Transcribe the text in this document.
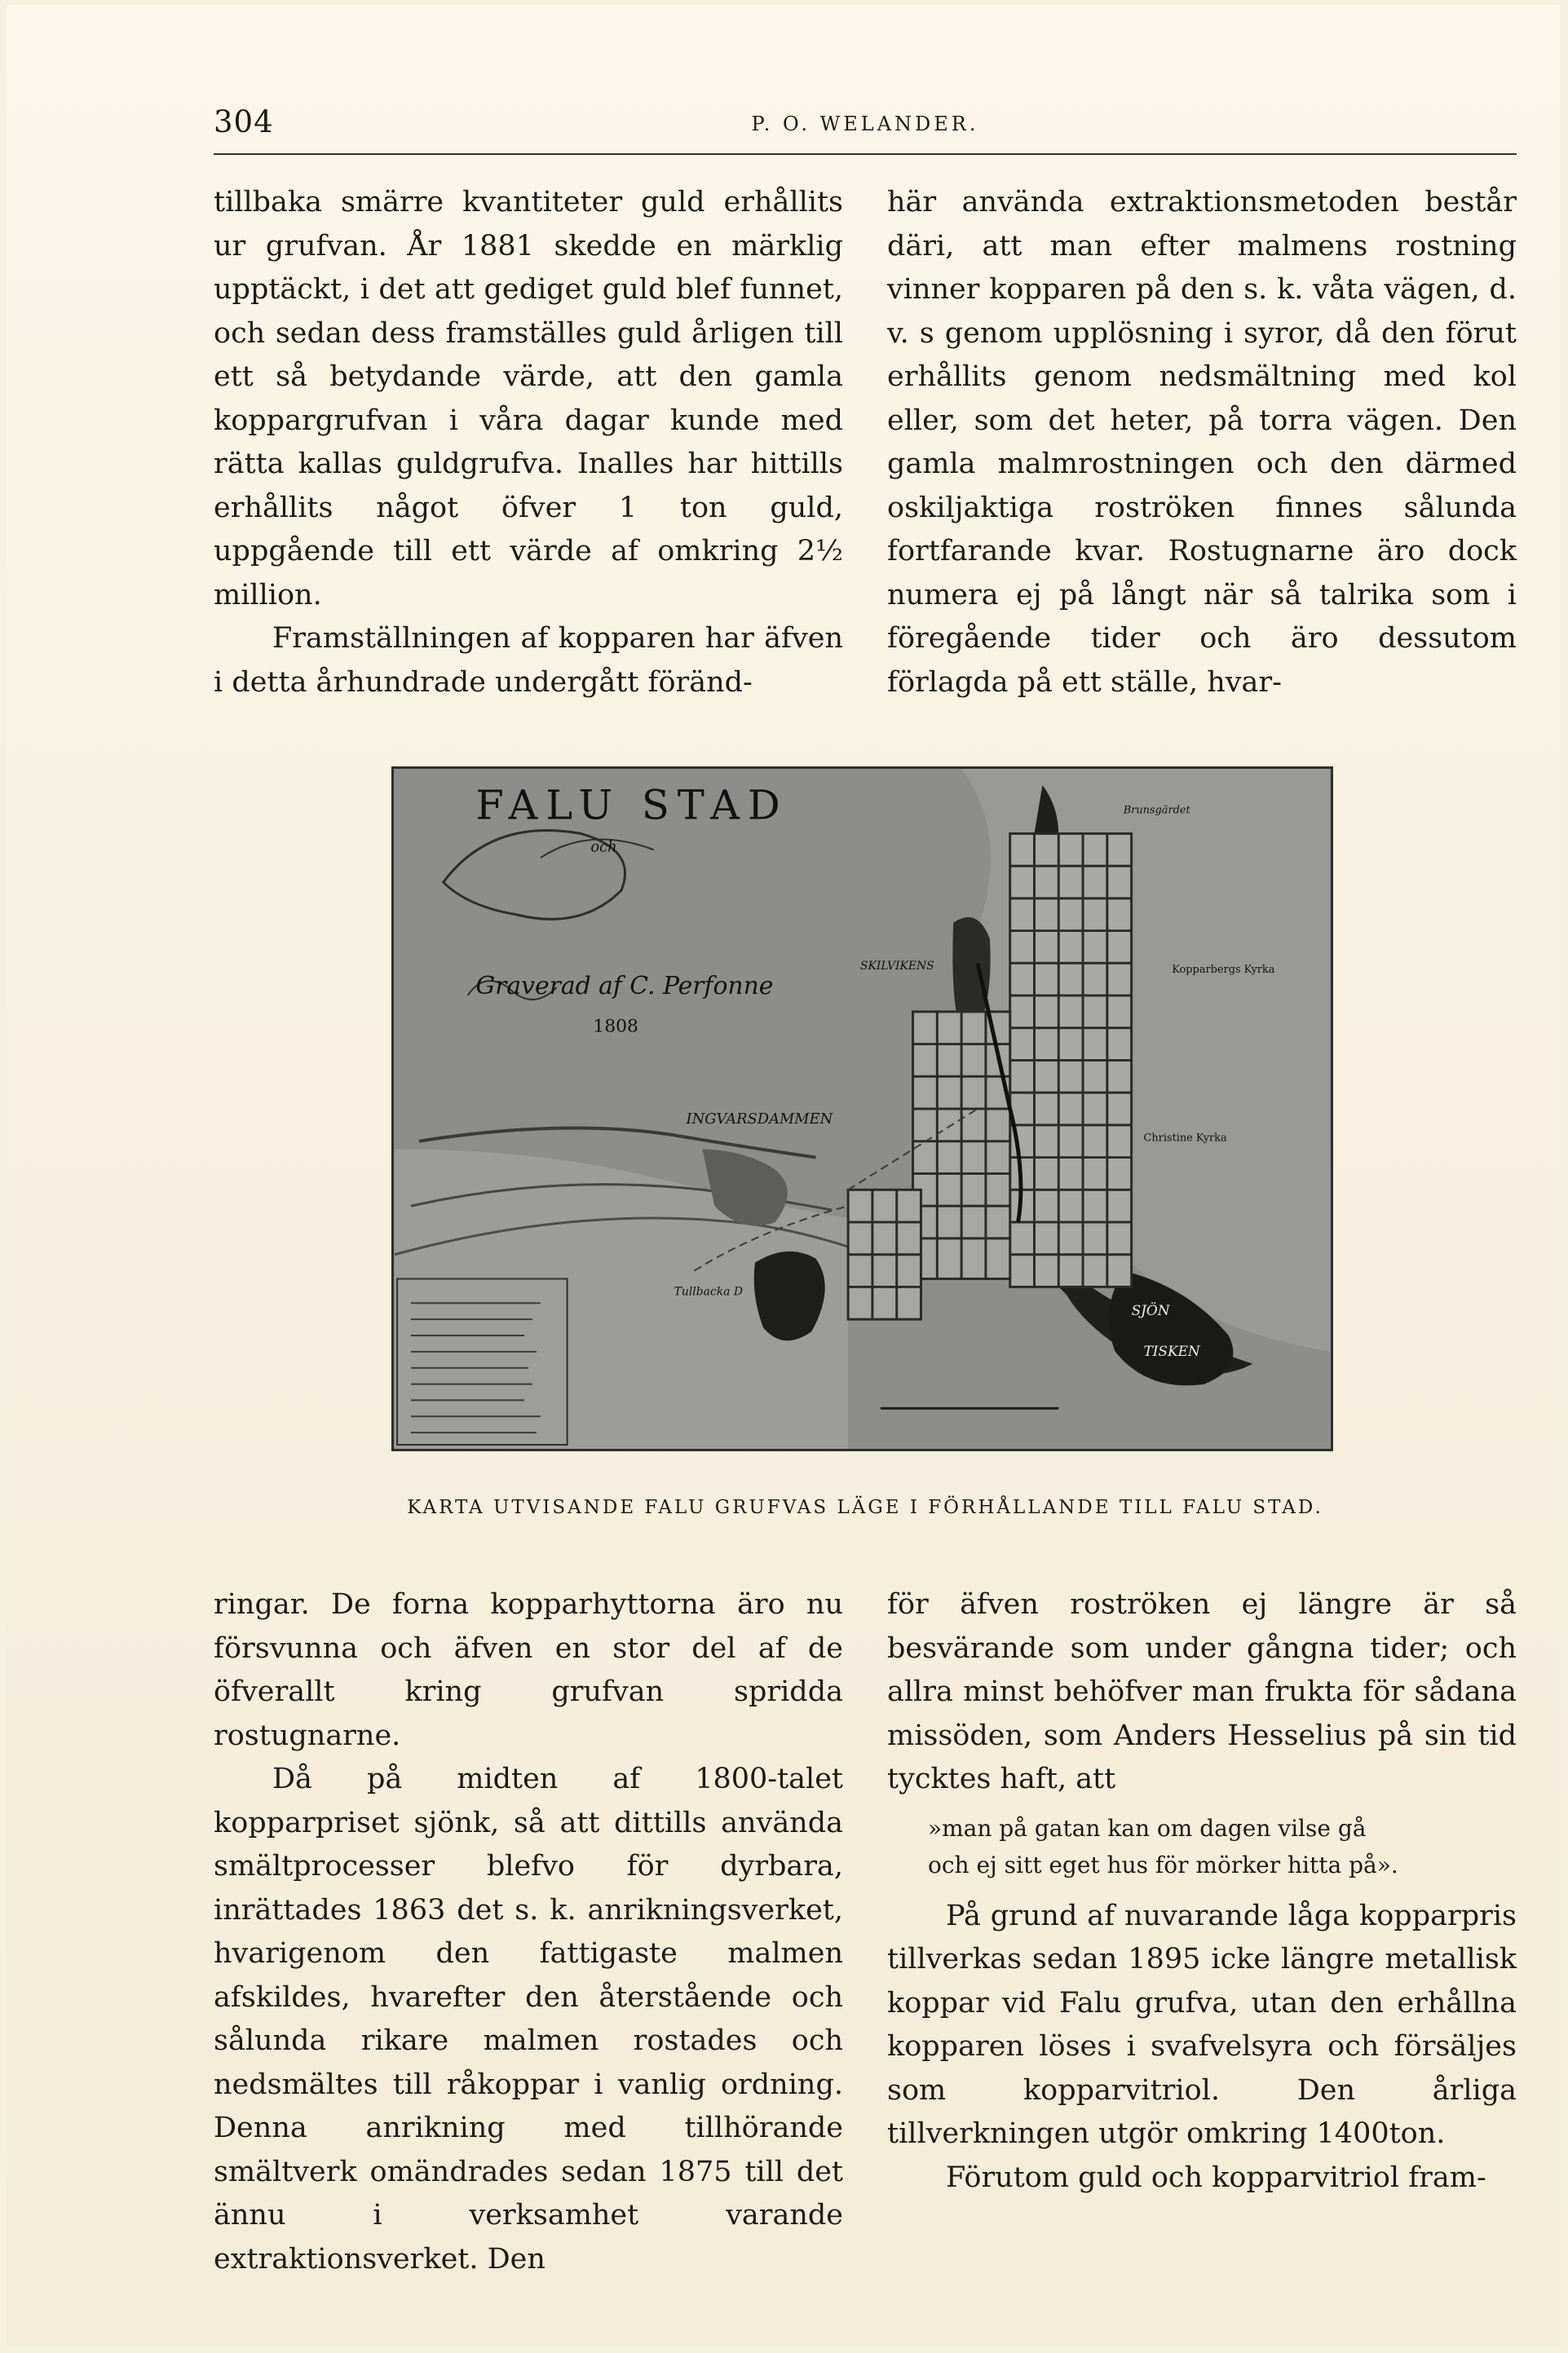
304	P. O. WELANDER.

tillbaka smärre kvantiteter guld erhållits ur grufvan. År 1881 skedde en märklig upptäckt, i det att gediget guld blef funnet, och sedan dess framställes guld årligen till ett så betydande värde, att den gamla koppargrufvan i våra dagar kunde med rätta kallas guldgrufva. Inalles har hittills erhållits något öfver 1 ton guld, uppgående till ett värde af omkring 2½ million.

Framställningen af kopparen har äfven i detta århundrade undergått föränd-

här använda extraktionsmetoden består däri, att man efter malmens rostning vinner kopparen på den s. k. våta vägen, d. v. s genom upplösning i syror, då den förut erhållits genom nedsmältning med kol eller, som det heter, på torra vägen. Den gamla malmrostningen och den därmed oskiljaktiga roströken finnes sålunda fortfarande kvar. Rostugnarne äro dock numera ej på långt när så talrika som i föregående tider och äro dessutom förlagda på ett ställe, hvar-

FALU STAD
och
Graverad af C. Perfonne
1808
INGVARSDAMMEN
SKILVIKENS	Kopparbergs Kyrka
Christine Kyrka
SJÖN
TISKEN
Tullbacka D
Brunsgärdet
KARTA UTVISANDE FALU GRUFVAS LÄGE I FÖRHÅLLANDE TILL FALU STAD.

ringar. De forna kopparhyttorna äro nu försvunna och äfven en stor del af de öfverallt kring grufvan spridda rostugnarne.

Då på midten af 1800-talet kopparpriset sjönk, så att dittills använda smältprocesser blefvo för dyrbara, inrättades 1863 det s. k. anrikningsverket, hvarigenom den fattigaste malmen afskildes, hvarefter den återstående och sålunda rikare malmen rostades och nedsmältes till råkoppar i vanlig ordning. Denna anrikning med tillhörande smältverk omändrades sedan 1875 till det ännu i verksamhet varande extraktionsverket. Den

för äfven roströken ej längre är så besvärande som under gångna tider; och allra minst behöfver man frukta för sådana missöden, som Anders Hesselius på sin tid tycktes haft, att

»man på gatan kan om dagen vilse gå
och ej sitt eget hus för mörker hitta på».

På grund af nuvarande låga kopparpris tillverkas sedan 1895 icke längre metallisk koppar vid Falu grufva, utan den erhållna kopparen löses i svafvelsyra och försäljes som kopparvitriol. Den årliga tillverkningen utgör omkring 1400ton.

Förutom guld och kopparvitriol fram-
